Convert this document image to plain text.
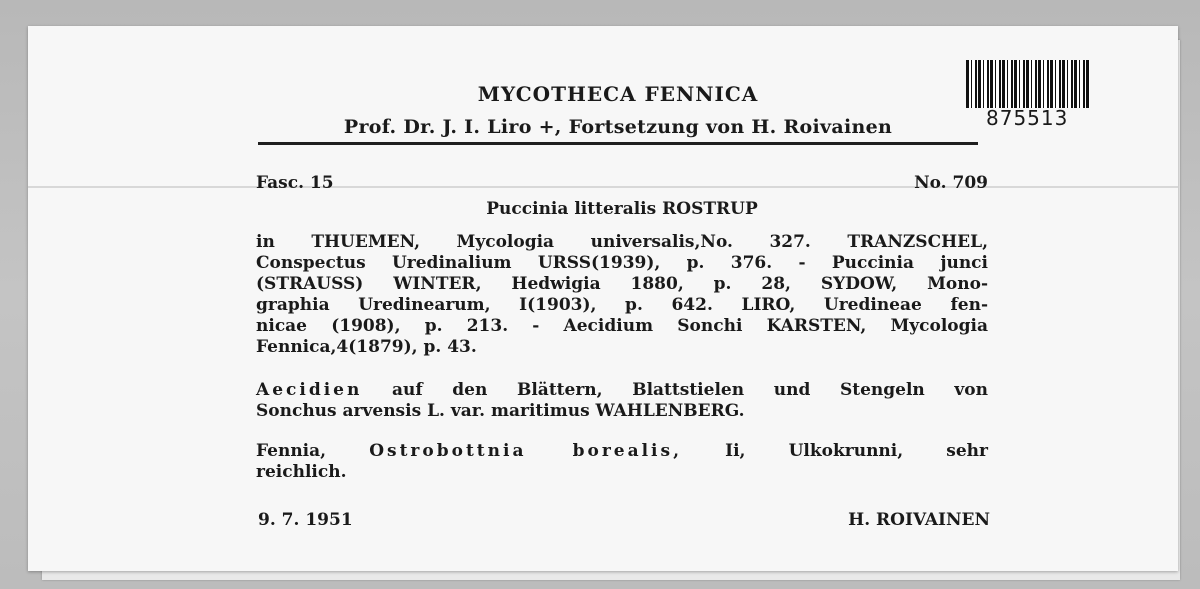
MYCOTHECA FENNICA
Prof. Dr. J. I. Liro +, Fortsetzung von H. Roivainen	875513
Fasc. 15	No. 709
Puccinia litteralis ROSTRUP
in THUEMEN, Mycologia universalis,No. 327. TRANZSCHEL,
Conspectus Uredinalium URSS(1939), p. 376. - Puccinia junci
(STRAUSS) WINTER, Hedwigia 1880, p. 28, SYDOW, Mono-
graphia Uredinearum, I(1903), p. 642. LIRO, Uredineae fen-
nicae (1908), p. 213. - Aecidium Sonchi KARSTEN, Mycologia
Fennica,4(1879), p. 43.
Aecidien auf den Blättern, Blattstielen und Stengeln von
Sonchus arvensis L. var. maritimus WAHLENBERG.
Fennia, Ostrobottnia borealis, Ii, Ulkokrunni, sehr
reichlich.
9. 7. 1951	H. ROIVAINEN
